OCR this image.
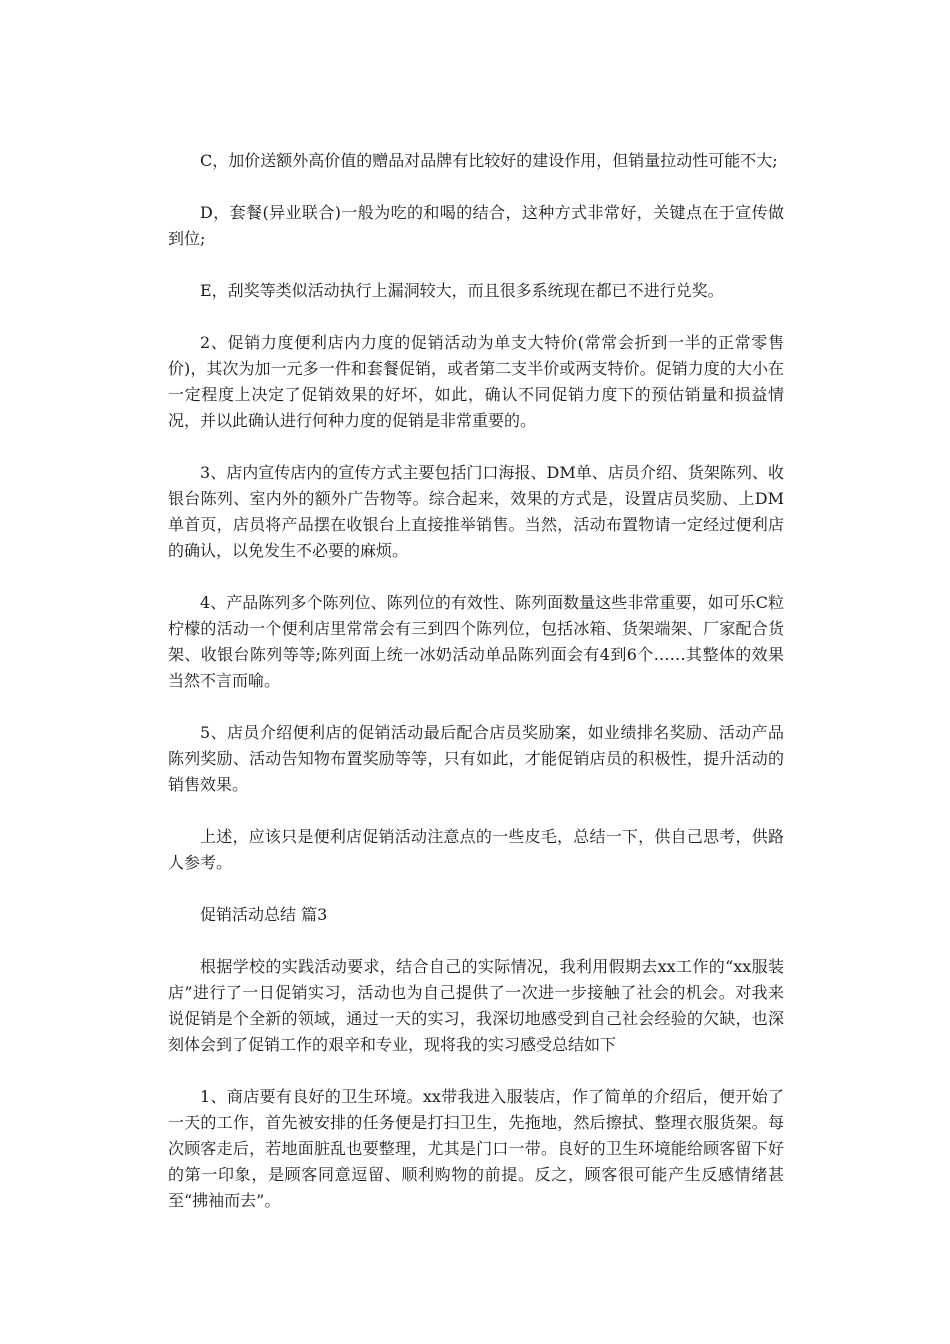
C，加价送额外高价值的赠品对品牌有比较好的建设作用，但销量拉动性可能不大;

D，套餐(异业联合)一般为吃的和喝的结合，这种方式非常好，关键点在于宣传做到位;

E，刮奖等类似活动执行上漏洞较大，而且很多系统现在都已不进行兑奖。

2、促销力度便利店内力度的促销活动为单支大特价(常常会折到一半的正常零售价)，其次为加一元多一件和套餐促销，或者第二支半价或两支特价。促销力度的大小在一定程度上决定了促销效果的好坏，如此，确认不同促销力度下的预估销量和损益情况，并以此确认进行何种力度的促销是非常重要的。

3、店内宣传店内的宣传方式主要包括门口海报、DM单、店员介绍、货架陈列、收银台陈列、室内外的额外广告物等。综合起来，效果的方式是，设置店员奖励、上DM单首页，店员将产品摆在收银台上直接推举销售。当然，活动布置物请一定经过便利店的确认，以免发生不必要的麻烦。

4、产品陈列多个陈列位、陈列位的有效性、陈列面数量这些非常重要，如可乐C粒柠檬的活动一个便利店里常常会有三到四个陈列位，包括冰箱、货架端架、厂家配合货架、收银台陈列等等;陈列面上统一冰奶活动单品陈列面会有4到6个……其整体的效果当然不言而喻。

5、店员介绍便利店的促销活动最后配合店员奖励案，如业绩排名奖励、活动产品陈列奖励、活动告知物布置奖励等等，只有如此，才能促销店员的积极性，提升活动的销售效果。

上述，应该只是便利店促销活动注意点的一些皮毛，总结一下，供自己思考，供路人参考。

促销活动总结 篇3

根据学校的实践活动要求，结合自己的实际情况，我利用假期去xx工作的“xx服装店”进行了一日促销实习，活动也为自己提供了一次进一步接触了社会的机会。对我来说促销是个全新的领域，通过一天的实习，我深切地感受到自己社会经验的欠缺，也深刻体会到了促销工作的艰辛和专业，现将我的实习感受总结如下

1、商店要有良好的卫生环境。xx带我进入服装店，作了简单的介绍后，便开始了一天的工作，首先被安排的任务便是打扫卫生，先拖地，然后擦拭、整理衣服货架。每次顾客走后，若地面脏乱也要整理，尤其是门口一带。良好的卫生环境能给顾客留下好的第一印象，是顾客同意逗留、顺利购物的前提。反之，顾客很可能产生反感情绪甚至“拂袖而去”。
